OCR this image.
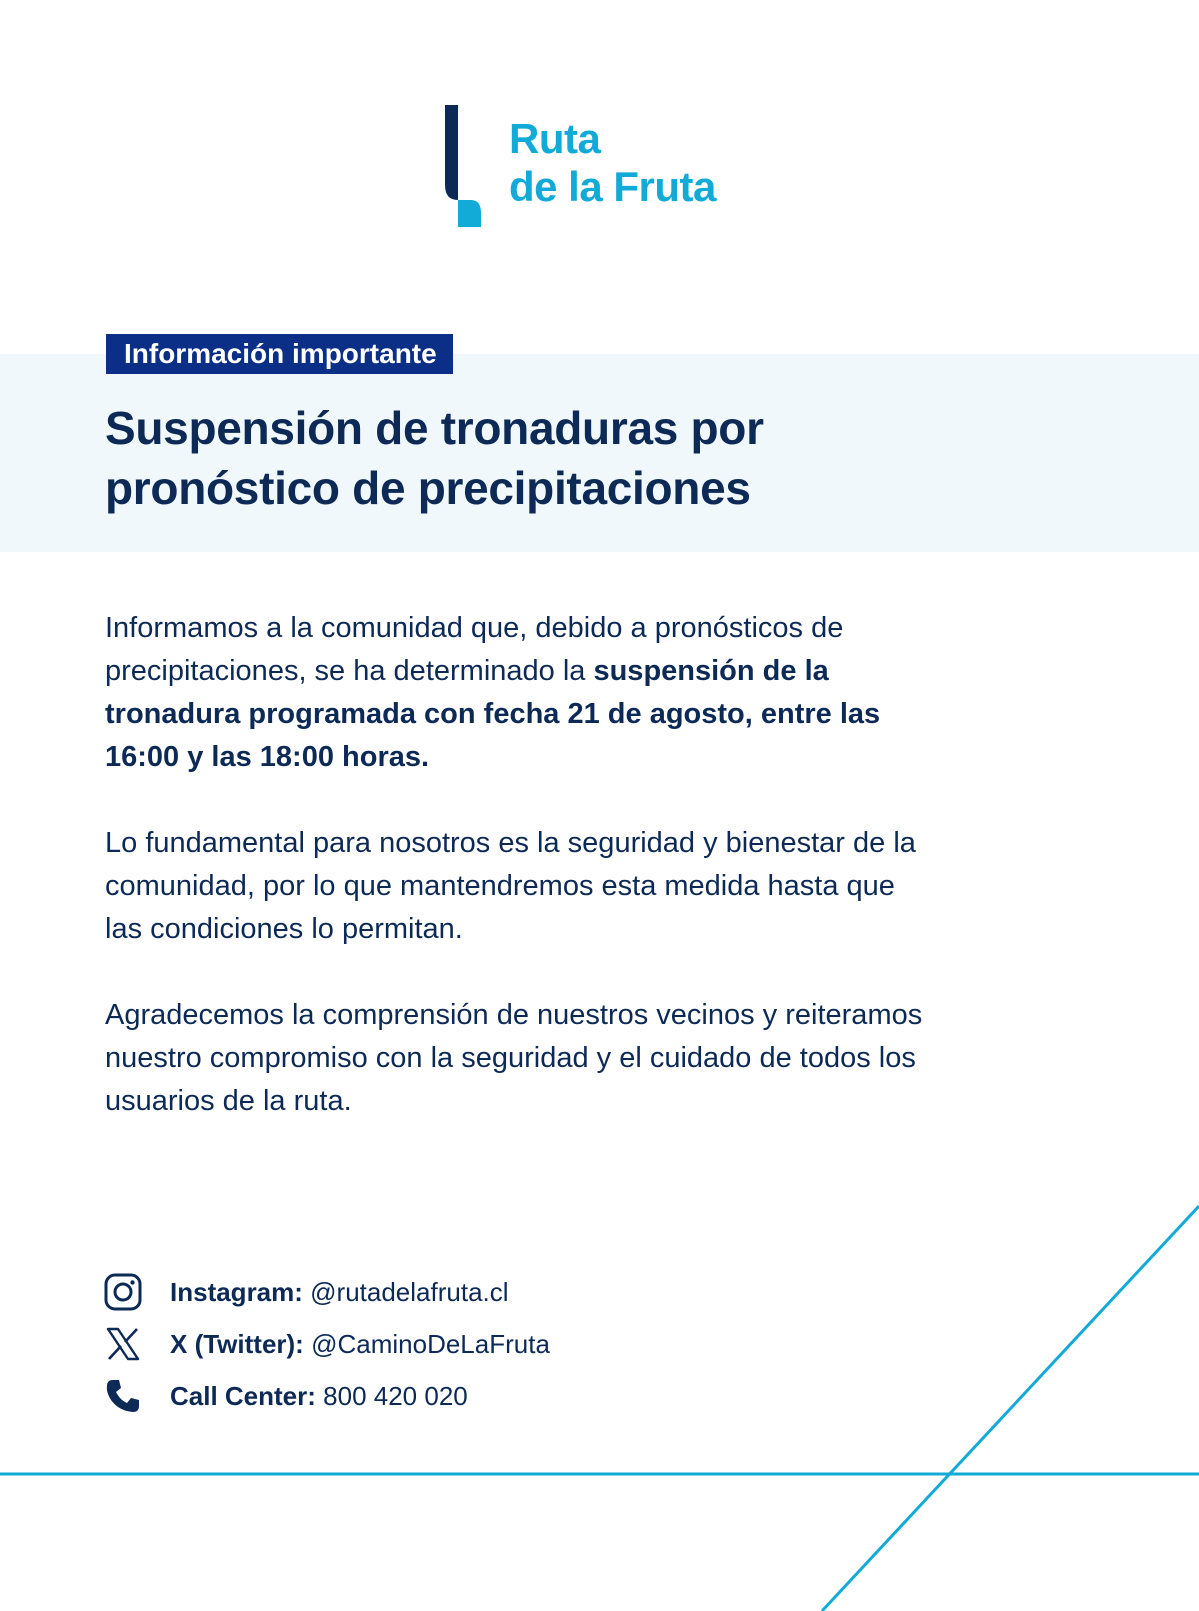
Ruta
de la Fruta
Información importante
Suspensión de tronaduras por
pronóstico de precipitaciones
Informamos a la comunidad que, debido a pronósticos de
precipitaciones, se ha determinado la suspensión de la
tronadura programada con fecha 21 de agosto, entre las
16:00 y las 18:00 horas.
Lo fundamental para nosotros es la seguridad y bienestar de la
comunidad, por lo que mantendremos esta medida hasta que
las condiciones lo permitan.
Agradecemos la comprensión de nuestros vecinos y reiteramos
nuestro compromiso con la seguridad y el cuidado de todos los
usuarios de la ruta.
Instagram: @rutadelafruta.cl
X (Twitter): @CaminoDeLaFruta
Call Center: 800 420 020
